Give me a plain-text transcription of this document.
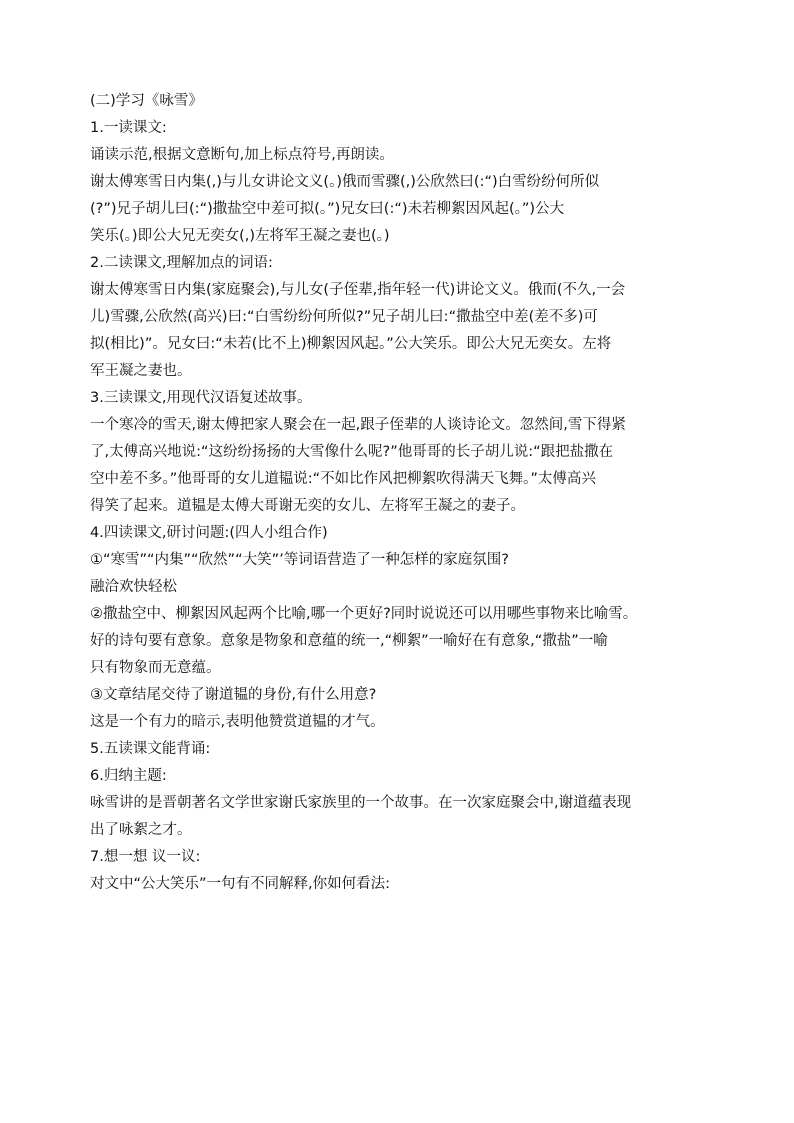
(二)学习《咏雪》
1.一读课文:
诵读示范,根据文意断句,加上标点符号,再朗读。
谢太傅寒雪日内集(,)与儿女讲论文义(。)俄而雪骤(,)公欣然曰(:“)白雪纷纷何所似
(?”)兄子胡儿曰(:“)撒盐空中差可拟(。”)兄女曰(:“)未若柳絮因风起(。”)公大
笑乐(。)即公大兄无奕女(,)左将军王凝之妻也(。)
2.二读课文,理解加点的词语:
谢太傅寒雪日内集(家庭聚会),与儿女(子侄辈,指年轻一代)讲论文义。俄而(不久,一会
儿)雪骤,公欣然(高兴)曰:“白雪纷纷何所似?”兄子胡儿曰:“撒盐空中差(差不多)可
拟(相比)”。兄女曰:“未若(比不上)柳絮因风起。”公大笑乐。即公大兄无奕女。左将
军王凝之妻也。
3.三读课文,用现代汉语复述故事。
一个寒冷的雪天,谢太傅把家人聚会在一起,跟子侄辈的人谈诗论文。忽然间,雪下得紧
了,太傅高兴地说:“这纷纷扬扬的大雪像什么呢?”他哥哥的长子胡儿说:“跟把盐撒在
空中差不多。”他哥哥的女儿道韫说:“不如比作风把柳絮吹得满天飞舞。”太傅高兴
得笑了起来。道韫是太傅大哥谢无奕的女儿、左将军王凝之的妻子。
4.四读课文,研讨问题:(四人小组合作)
①“寒雪”“内集”“欣然”“大笑”’等词语营造了一种怎样的家庭氛围?
融洽欢快轻松
②撒盐空中、柳絮因风起两个比喻,哪一个更好?同时说说还可以用哪些事物来比喻雪。
好的诗句要有意象。意象是物象和意蕴的统一,“柳絮”一喻好在有意象,“撒盐”一喻
只有物象而无意蕴。
③文章结尾交待了谢道韫的身份,有什么用意?
这是一个有力的暗示,表明他赞赏道韫的才气。
5.五读课文能背诵:
6.归纳主题:
咏雪讲的是晋朝著名文学世家谢氏家族里的一个故事。在一次家庭聚会中,谢道蕴表现
出了咏絮之才。
7.想一想 议一议:
对文中“公大笑乐”一句有不同解释,你如何看法:
